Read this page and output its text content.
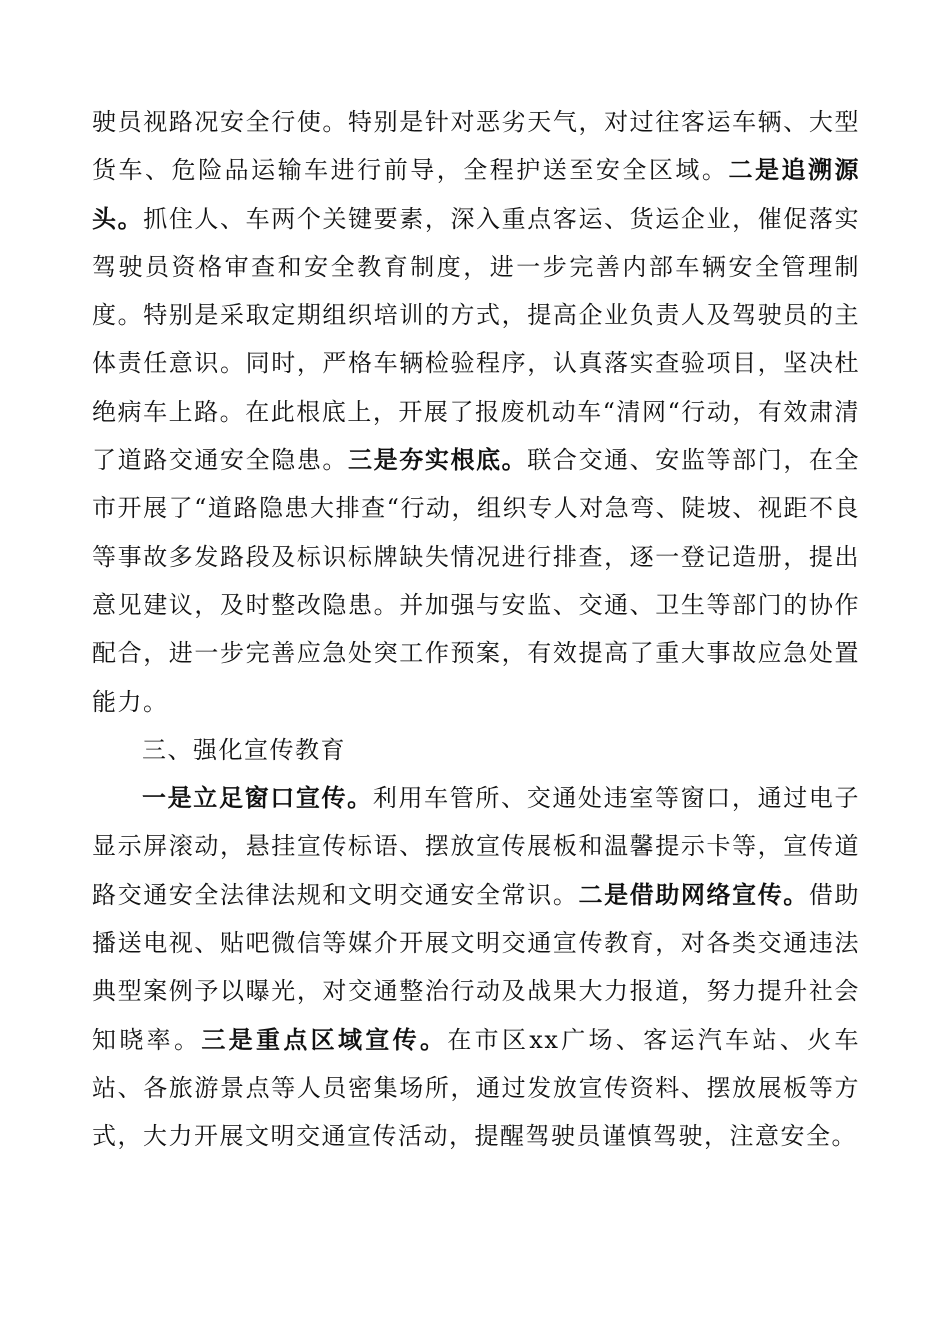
驶员视路况安全行使。特别是针对恶劣天气，对过往客运车辆、大型货车、危险品运输车进行前导，全程护送至安全区域。二是追溯源头。抓住人、车两个关键要素，深入重点客运、货运企业，催促落实驾驶员资格审查和安全教育制度，进一步完善内部车辆安全管理制度。特别是采取定期组织培训的方式，提高企业负责人及驾驶员的主体责任意识。同时，严格车辆检验程序，认真落实查验项目，坚决杜绝病车上路。在此根底上，开展了报废机动车“清网“行动，有效肃清了道路交通安全隐患。三是夯实根底。联合交通、安监等部门，在全市开展了“道路隐患大排查“行动，组织专人对急弯、陡坡、视距不良等事故多发路段及标识标牌缺失情况进行排查，逐一登记造册，提出意见建议，及时整改隐患。并加强与安监、交通、卫生等部门的协作配合，进一步完善应急处突工作预案，有效提高了重大事故应急处置能力。

三、强化宣传教育

一是立足窗口宣传。利用车管所、交通处违室等窗口，通过电子显示屏滚动，悬挂宣传标语、摆放宣传展板和温馨提示卡等，宣传道路交通安全法律法规和文明交通安全常识。二是借助网络宣传。借助播送电视、贴吧微信等媒介开展文明交通宣传教育，对各类交通违法典型案例予以曝光，对交通整治行动及战果大力报道，努力提升社会知晓率。三是重点区域宣传。在市区xx广场、客运汽车站、火车站、各旅游景点等人员密集场所，通过发放宣传资料、摆放展板等方式，大力开展文明交通宣传活动，提醒驾驶员谨慎驾驶，注意安全。
